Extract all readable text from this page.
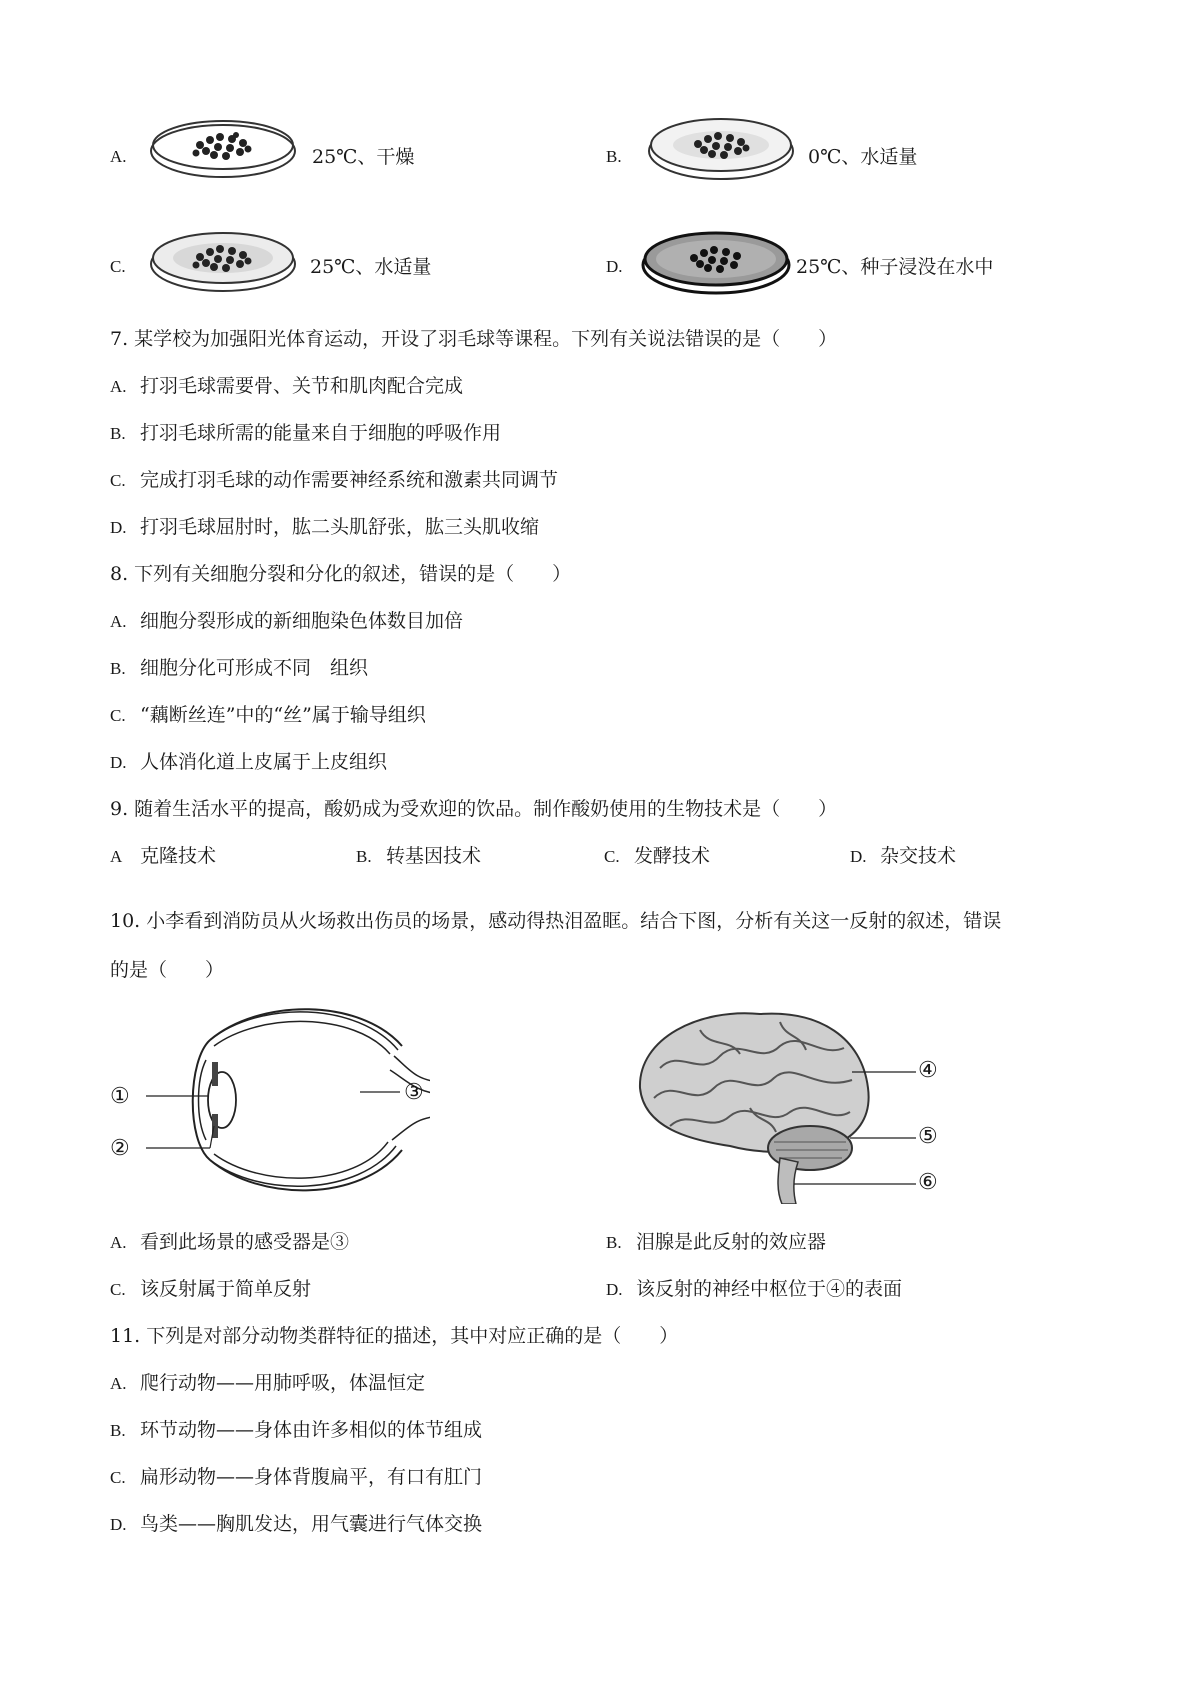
A.	25℃、干燥	B.	0℃、水适量
C.	25℃、水适量	D.	25℃、种子浸没在水中
7. 某学校为加强阳光体育运动，开设了羽毛球等课程。下列有关说法错误的是（　　）
A. 打羽毛球需要骨、关节和肌肉配合完成
B. 打羽毛球所需的能量来自于细胞的呼吸作用
C. 完成打羽毛球的动作需要神经系统和激素共同调节
D. 打羽毛球屈肘时，肱二头肌舒张，肱三头肌收缩
8. 下列有关细胞分裂和分化的叙述，错误的是（　　）
A. 细胞分裂形成的新细胞染色体数目加倍
B. 细胞分化可形成不同　组织
C. “藕断丝连”中的“丝”属于输导组织
D. 人体消化道上皮属于上皮组织
9. 随着生活水平的提高，酸奶成为受欢迎的饮品。制作酸奶使用的生物技术是（　　）
A 克隆技术	B. 转基因技术	C. 发酵技术	D. 杂交技术
10. 小李看到消防员从火场救出伤员的场景，感动得热泪盈眶。结合下图，分析有关这一反射的叙述，错误
的是（　　）
①
②
③
④
⑤
⑥
A. 看到此场景的感受器是③	B. 泪腺是此反射的效应器
C. 该反射属于简单反射	D. 该反射的神经中枢位于④的表面
11. 下列是对部分动物类群特征的描述，其中对应正确的是（　　）
A. 爬行动物——用肺呼吸，体温恒定
B. 环节动物——身体由许多相似的体节组成
C. 扁形动物——身体背腹扁平，有口有肛门
D. 鸟类——胸肌发达，用气囊进行气体交换
